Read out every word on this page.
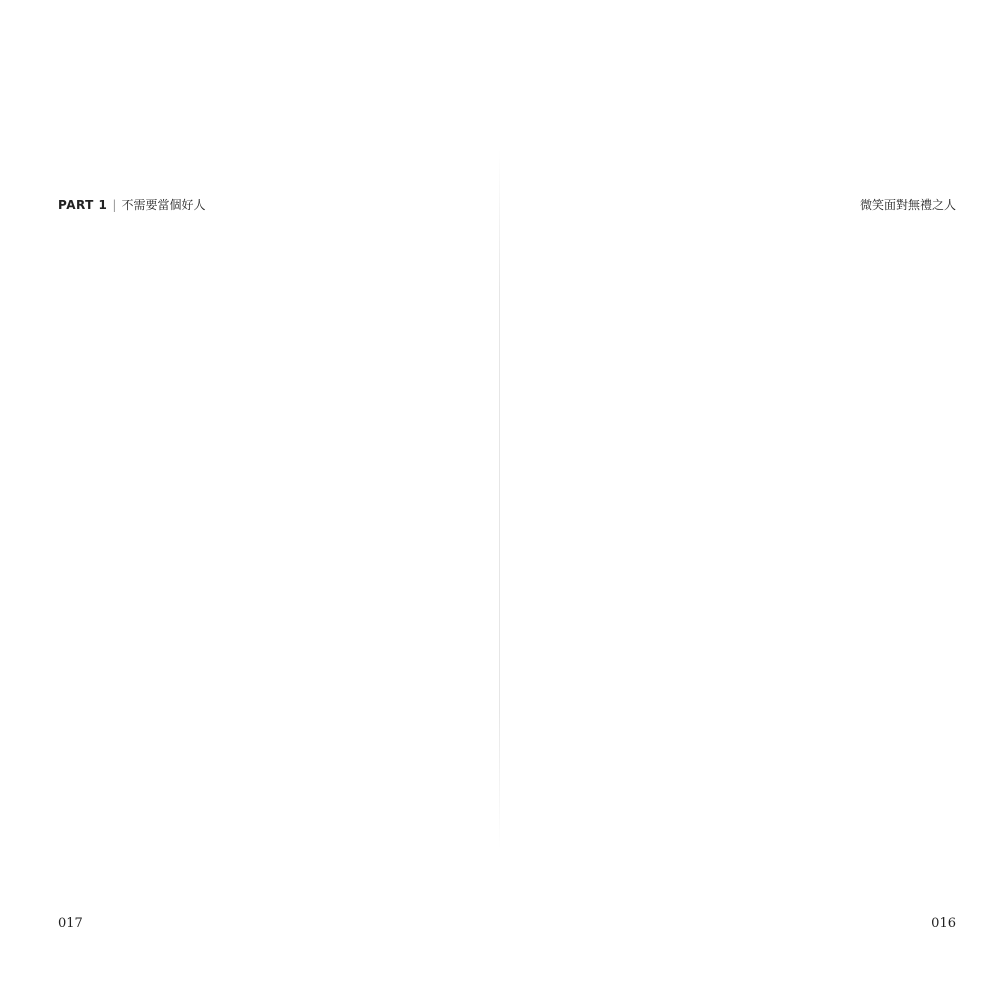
PART 1 | 不需要當個好人
017
微笑面對無禮之人
016
